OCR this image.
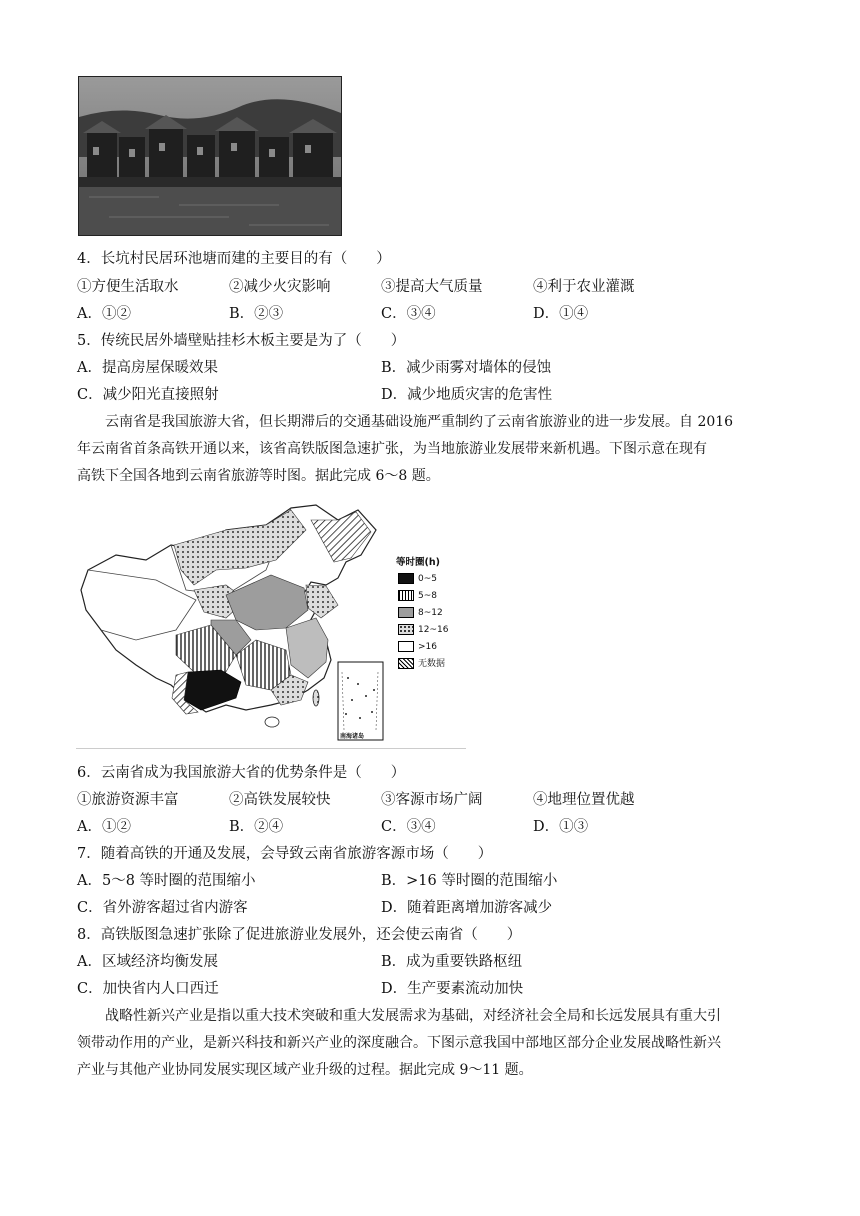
4．长坑村民居环池塘而建的主要目的有（　　）
①方便生活取水	②减少火灾影响	③提高大气质量	④利于农业灌溉
A．①②	B．②③	C．③④	D．①④
5．传统民居外墙壁贴挂杉木板主要是为了（　　）
A．提高房屋保暖效果	B．减少雨雾对墙体的侵蚀
C．减少阳光直接照射	D．减少地质灾害的危害性
云南省是我国旅游大省，但长期滞后的交通基础设施严重制约了云南省旅游业的进一步发展。自 2016
年云南省首条高铁开通以来，该省高铁版图急速扩张，为当地旅游业发展带来新机遇。下图示意在现有
高铁下全国各地到云南省旅游等时图。据此完成 6～8 题。
南海诸岛
等时圈(h)
0~5
5~8
8~12
12~16
>16
无数据
6．云南省成为我国旅游大省的优势条件是（　　）
①旅游资源丰富	②高铁发展较快	③客源市场广阔	④地理位置优越
A．①②	B．②④	C．③④	D．①③
7．随着高铁的开通及发展，会导致云南省旅游客源市场（　　）
A．5～8 等时圈的范围缩小	B．>16 等时圈的范围缩小
C．省外游客超过省内游客	D．随着距离增加游客减少
8．高铁版图急速扩张除了促进旅游业发展外，还会使云南省（　　）
A．区域经济均衡发展	B．成为重要铁路枢纽
C．加快省内人口西迁	D．生产要素流动加快
战略性新兴产业是指以重大技术突破和重大发展需求为基础，对经济社会全局和长远发展具有重大引
领带动作用的产业，是新兴科技和新兴产业的深度融合。下图示意我国中部地区部分企业发展战略性新兴
产业与其他产业协同发展实现区域产业升级的过程。据此完成 9～11 题。
